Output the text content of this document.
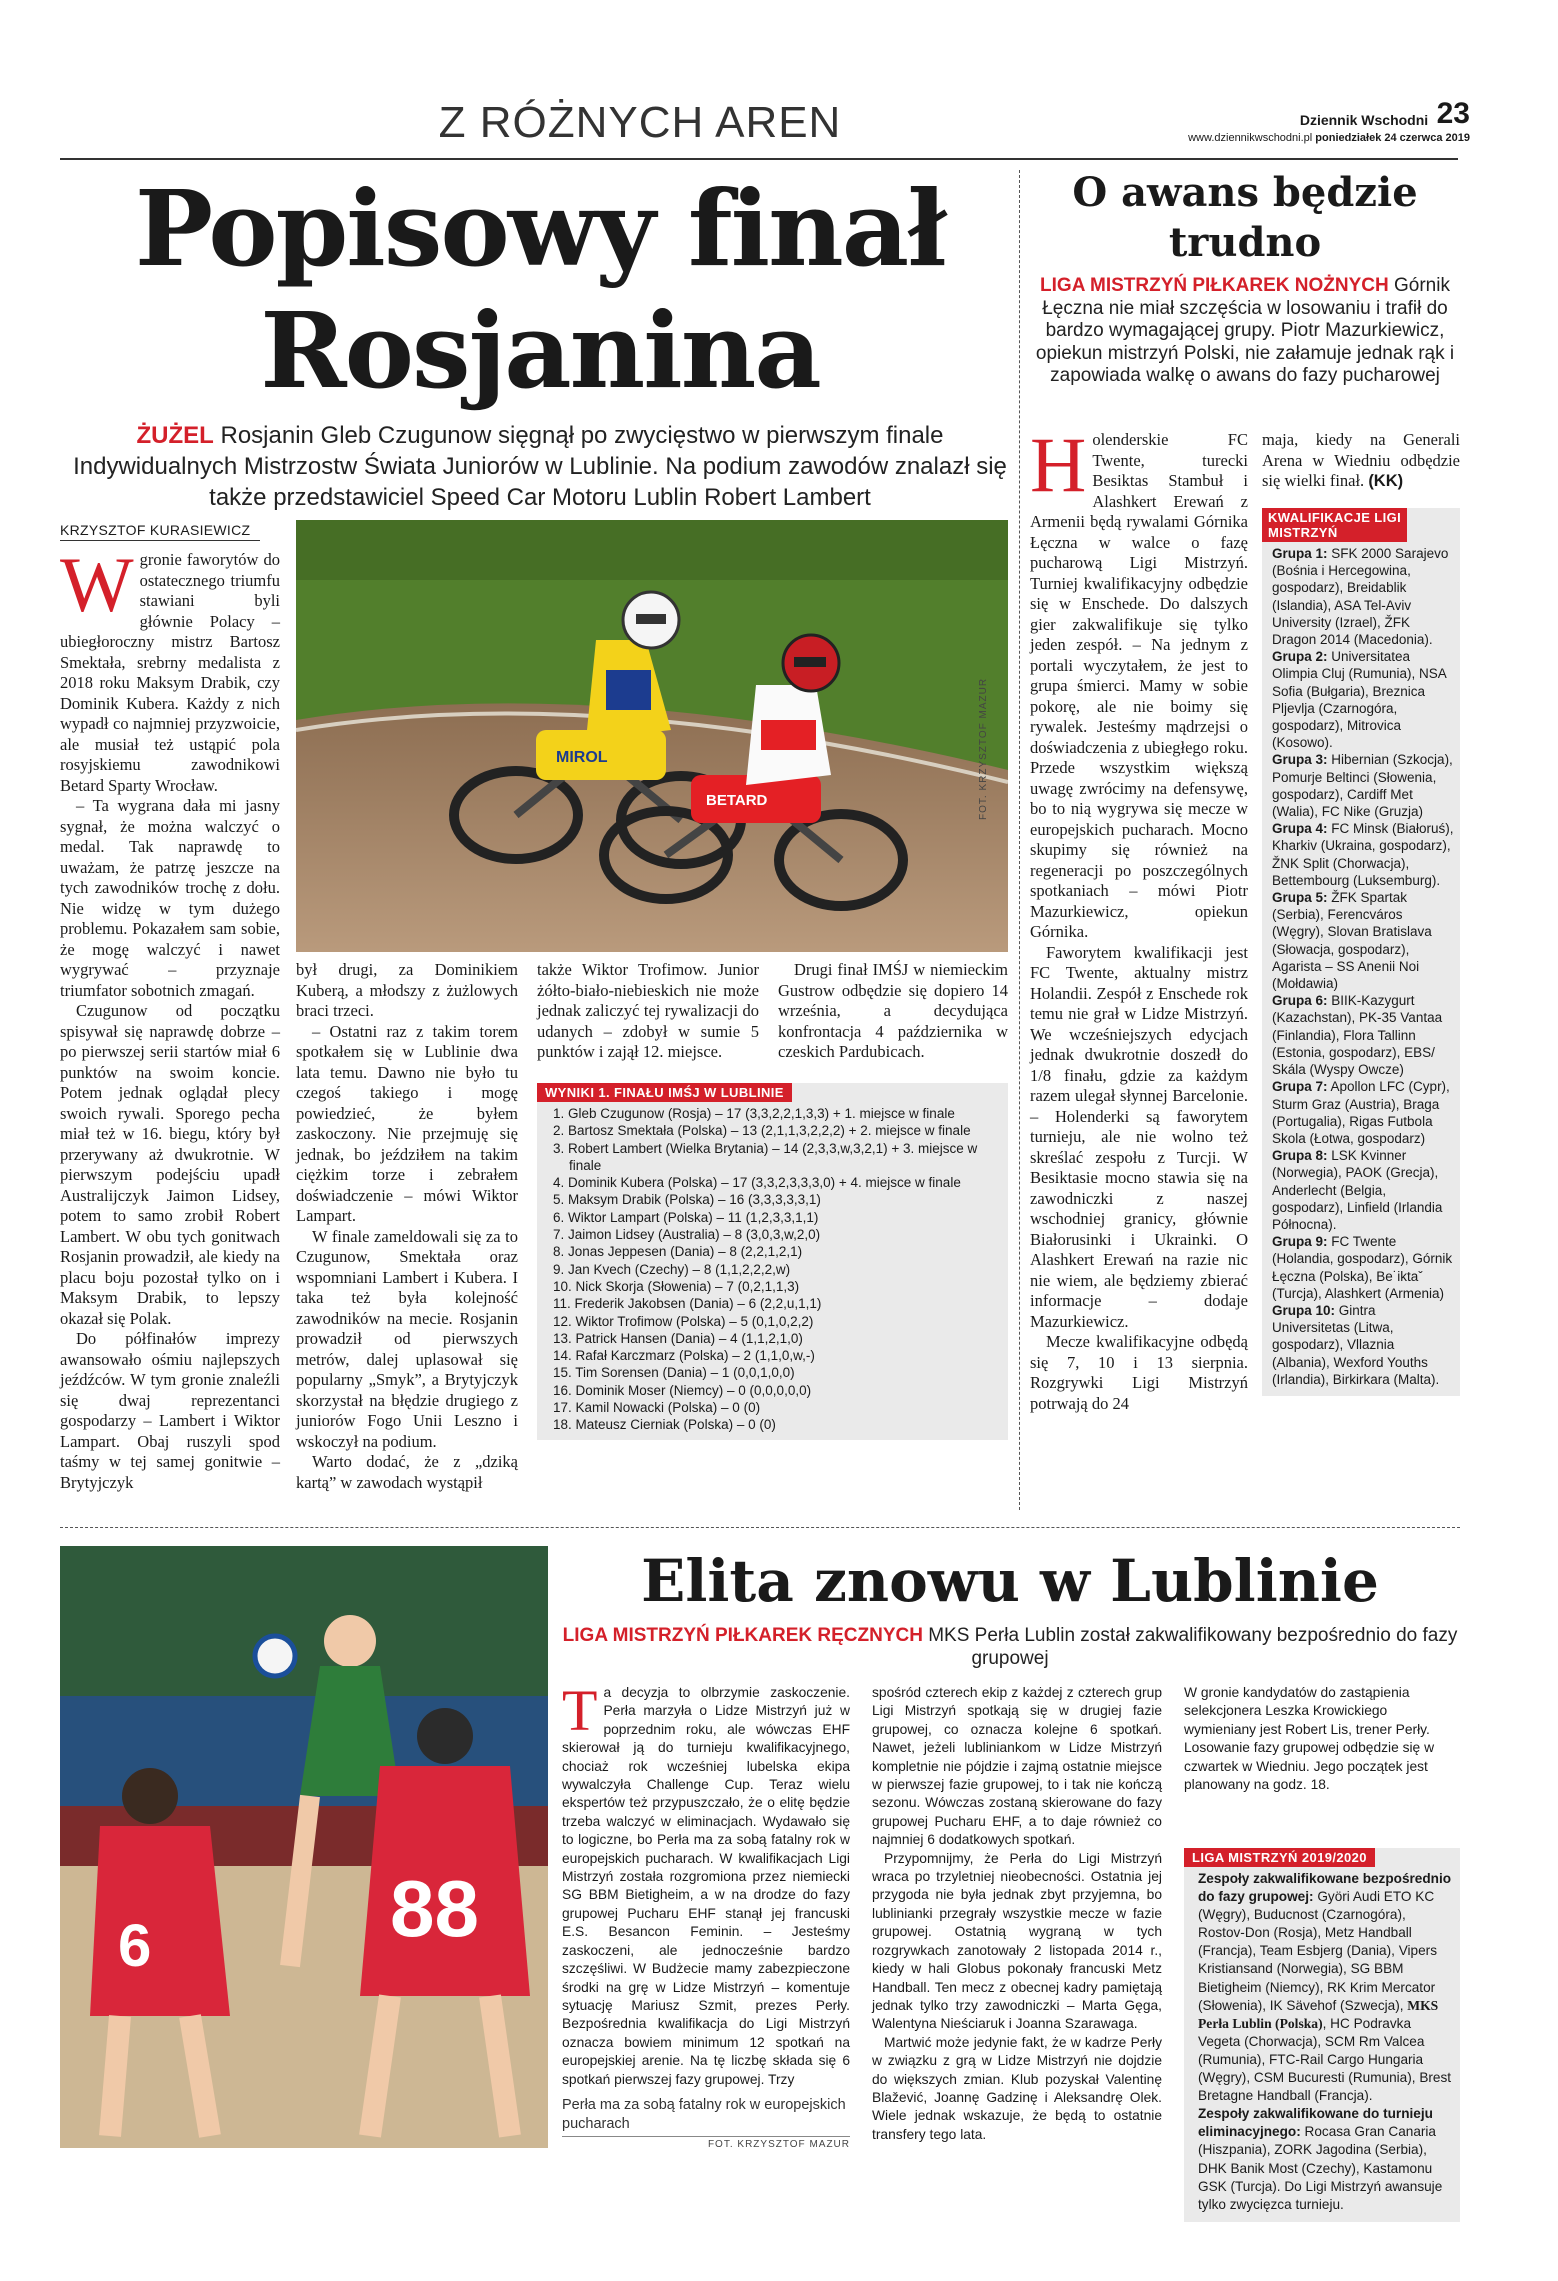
Z RÓŻNYCH AREN	Dziennik Wschodni 23
www.dziennikwschodni.pl poniedziałek 24 czerwca 2019
Popisowy finał
Rosjanina
ŻUŻEL Rosjanin Gleb Czugunow sięgnął po zwycięstwo w pierwszym finale Indywidualnych Mistrzostw Świata Juniorów w Lublinie. Na podium zawodów znalazł się także przedstawiciel Speed Car Motoru Lublin Robert Lambert
KRZYSZTOF KURASIEWICZ

Wgronie faworytów do ostatecznego triumfu stawiani byli głównie Polacy – ubiegłoroczny mistrz Bartosz Smektała, srebrny medalista z 2018 roku Maksym Drabik, czy Dominik Kubera. Każdy z nich wypadł co najmniej przyzwoicie, ale musiał też ustąpić pola rosyjskiemu zawodnikowi Betard Sparty Wrocław.

– Ta wygrana dała mi jasny sygnał, że można walczyć o medal. Tak naprawdę to uważam, że patrzę jeszcze na tych zawodników trochę z dołu. Nie widzę w tym dużego problemu. Pokazałem sam sobie, że mogę walczyć i nawet wygrywać – przyznaje triumfator sobotnich zmagań.

Czugunow od początku spisywał się naprawdę dobrze – po pierwszej serii startów miał 6 punktów na swoim koncie. Potem jednak oglądał plecy swoich rywali. Sporego pecha miał też w 16. biegu, który był przerywany aż dwukrotnie. W pierwszym podejściu upadł Australijczyk Jaimon Lidsey, potem to samo zrobił Robert Lambert. W obu tych gonitwach Rosjanin prowadził, ale kiedy na placu boju pozostał tylko on i Maksym Drabik, to lepszy okazał się Polak.

Do półfinałów imprezy awansowało ośmiu najlepszych jeźdźców. W tym gronie znaleźli się dwaj reprezentanci gospodarzy – Lambert i Wiktor Lampart. Obaj ruszyli spod taśmy w tej samej gonitwie – Brytyjczyk

MIROL
BETARD	FOT. KRZYSZTOF MAZUR

był drugi, za Dominikiem Kuberą, a młodszy z żużlowych braci trzeci.

– Ostatni raz z takim torem spotkałem się w Lublinie dwa lata temu. Dawno nie było tu czegoś takiego i mogę powiedzieć, że byłem zaskoczony. Nie przejmuję się jednak, bo jeździłem na takim ciężkim torze i zebrałem doświadczenie – mówi Wiktor Lampart.

W finale zameldowali się za to Czugunow, Smektała oraz wspomniani Lambert i Kubera. I taka też była kolejność zawodników na mecie. Rosjanin prowadził od pierwszych metrów, dalej uplasował się popularny „Smyk”, a Brytyjczyk skorzystał na błędzie drugiego z juniorów Fogo Unii Leszno i wskoczył na podium.

Warto dodać, że z „dziką kartą” w zawodach wystąpił

także Wiktor Trofimow. Junior żółto-biało-niebieskich nie może jednak zaliczyć tej rywalizacji do udanych – zdobył w sumie 5 punktów i zajął 12. miejsce.

Drugi finał IMŚJ w niemieckim Gustrow odbędzie się dopiero 14 września, a decydująca konfrontacja 4 października w czeskich Pardubicach.

WYNIKI 1. FINAŁU IMŚJ W LUBLINIE
1. Gleb Czugunow (Rosja) – 17 (3,3,2,2,1,3,3) + 1. miejsce w finale
2. Bartosz Smektała (Polska) – 13 (2,1,1,3,2,2,2) + 2. miejsce w finale
3. Robert Lambert (Wielka Brytania) – 14 (2,3,3,w,3,2,1) + 3. miejsce w finale
4. Dominik Kubera (Polska) – 17 (3,3,2,3,3,3,0) + 4. miejsce w finale
5. Maksym Drabik (Polska) – 16 (3,3,3,3,3,1)
6. Wiktor Lampart (Polska) – 11 (1,2,3,3,1,1)
7. Jaimon Lidsey (Australia) – 8 (3,0,3,w,2,0)
8. Jonas Jeppesen (Dania) – 8 (2,2,1,2,1)
9. Jan Kvech (Czechy) – 8 (1,1,2,2,2,w)
10. Nick Skorja (Słowenia) – 7 (0,2,1,1,3)
11. Frederik Jakobsen (Dania) – 6 (2,2,u,1,1)
12. Wiktor Trofimow (Polska) – 5 (0,1,0,2,2)
13. Patrick Hansen (Dania) – 4 (1,1,2,1,0)
14. Rafał Karczmarz (Polska) – 2 (1,1,0,w,-)
15. Tim Sorensen (Dania) – 1 (0,0,1,0,0)
16. Dominik Moser (Niemcy) – 0 (0,0,0,0,0)
17. Kamil Nowacki (Polska) – 0 (0)
18. Mateusz Cierniak (Polska) – 0 (0)
O awans będzie
trudno
LIGA MISTRZYŃ PIŁKAREK NOŻNYCH Górnik Łęczna nie miał szczęścia w losowaniu i trafił do bardzo wymagającej grupy. Piotr Mazurkiewicz, opiekun mistrzyń Polski, nie załamuje jednak rąk i zapowiada walkę o awans do fazy pucharowej

Holenderskie FC Twente, turecki Besiktas Stambuł i Alashkert Erewań z Armenii będą rywalami Górnika Łęczna w walce o fazę pucharową Ligi Mistrzyń. Turniej kwalifikacyjny odbędzie się w Enschede. Do dalszych gier zakwalifikuje się tylko jeden zespół. – Na jednym z portali wyczytałem, że jest to grupa śmierci. Mamy w sobie pokorę, ale nie boimy się rywalek. Jesteśmy mądrzejsi o doświadczenia z ubiegłego roku. Przede wszystkim większą uwagę zwrócimy na defensywę, bo to nią wygrywa się mecze w europejskich pucharach. Mocno skupimy się również na regeneracji po poszczególnych spotkaniach – mówi Piotr Mazurkiewicz, opiekun Górnika.

Faworytem kwalifikacji jest FC Twente, aktualny mistrz Holandii. Zespół z Enschede rok temu nie grał w Lidze Mistrzyń. We wcześniejszych edycjach jednak dwukrotnie doszedł do 1/8 finału, gdzie za każdym razem ulegał słynnej Barcelonie. – Holenderki są faworytem turnieju, ale nie wolno też skreślać zespołu z Turcji. W Besiktasie mocno stawia się na zawodniczki z naszej wschodniej granicy, głównie Białorusinki i Ukrainki. O Alashkert Erewań na razie nic nie wiem, ale będziemy zbierać informacje – dodaje Mazurkiewicz.

Mecze kwalifikacyjne odbędą się 7, 10 i 13 sierpnia. Rozgrywki Ligi Mistrzyń potrwają do 24

maja, kiedy na Generali Arena w Wiedniu odbędzie się wielki finał. (KK)

KWALIFIKACJE LIGI
MISTRZYŃ
Grupa 1: SFK 2000 Sarajevo (Bośnia i Hercegowina, gospodarz), Breidablik (Islandia), ASA Tel-Aviv University (Izrael), ŽFK Dragon 2014 (Macedonia).
Grupa 2: Universitatea Olimpia Cluj (Rumunia), NSA Sofia (Bułgaria), Breznica Pljevlja (Czarnogóra, gospodarz), Mitrovica (Kosowo).
Grupa 3: Hibernian (Szkocja), Pomurje Beltinci (Słowenia, gospodarz), Cardiff Met (Walia), FC Nike (Gruzja)
Grupa 4: FC Minsk (Białoruś), Kharkiv (Ukraina, gospodarz), ŽNK Split (Chorwacja), Bettembourg (Luksemburg).
Grupa 5: ŽFK Spartak (Serbia), Ferencváros (Węgry), Slovan Bratislava (Słowacja, gospodarz), Agarista – SS Anenii Noi (Mołdawia)
Grupa 6: BIIK-Kazygurt (Kazachstan), PK-35 Vantaa (Finlandia), Flora Tallinn (Estonia, gospodarz), EBS/ Skála (Wyspy Owcze)
Grupa 7: Apollon LFC (Cypr), Sturm Graz (Austria), Braga (Portugalia), Rigas Futbola Skola (Łotwa, gospodarz)
Grupa 8: LSK Kvinner (Norwegia), PAOK (Grecja), Anderlecht (Belgia, gospodarz), Linfield (Irlandia Północna).
Grupa 9: FC Twente (Holandia, gospodarz), Górnik Łęczna (Polska), Be˙iktaˇ (Turcja), Alashkert (Armenia)
Grupa 10: Gintra Universitetas (Litwa, gospodarz), Vllaznia (Albania), Wexford Youths (Irlandia), Birkirkara (Malta).
6	88
Elita znowu w Lublinie
LIGA MISTRZYŃ PIŁKAREK RĘCZNYCH MKS Perła Lublin został zakwalifikowany bezpośrednio do fazy grupowej

Ta decyzja to olbrzymie zaskoczenie. Perła marzyła o Lidze Mistrzyń już w poprzednim roku, ale wówczas EHF skierował ją do turnieju kwalifikacyjnego, chociaż rok wcześniej lubelska ekipa wywalczyła Challenge Cup. Teraz wielu ekspertów też przypuszczało, że o elitę będzie trzeba walczyć w eliminacjach. Wydawało się to logiczne, bo Perła ma za sobą fatalny rok w europejskich pucharach. W kwalifikacjach Ligi Mistrzyń została rozgromiona przez niemiecki SG BBM Bietigheim, a w na drodze do fazy grupowej Pucharu EHF stanął jej francuski E.S. Besancon Feminin. – Jesteśmy zaskoczeni, ale jednocześnie bardzo szczęśliwi. W Budżecie mamy zabezpieczone środki na grę w Lidze Mistrzyń – komentuje sytuację Mariusz Szmit, prezes Perły. Bezpośrednia kwalifikacja do Ligi Mistrzyń oznacza bowiem minimum 12 spotkań na europejskiej arenie. Na tę liczbę składa się 6 spotkań pierwszej fazy grupowej. Trzy

Perła ma za sobą fatalny rok w europejskich pucharach
FOT. KRZYSZTOF MAZUR

spośród czterech ekip z każdej z czterech grup Ligi Mistrzyń spotkają się w drugiej fazie grupowej, co oznacza kolejne 6 spotkań. Nawet, jeżeli lubliniankom w Lidze Mistrzyń kompletnie nie pójdzie i zajmą ostatnie miejsce w pierwszej fazie grupowej, to i tak nie kończą sezonu. Wówczas zostaną skierowane do fazy grupowej Pucharu EHF, a to daje również co najmniej 6 dodatkowych spotkań.

Przypomnijmy, że Perła do Ligi Mistrzyń wraca po trzyletniej nieobecności. Ostatnia jej przygoda nie była jednak zbyt przyjemna, bo lublinianki przegrały wszystkie mecze w fazie grupowej. Ostatnią wygraną w tych rozgrywkach zanotowały 2 listopada 2014 r., kiedy w hali Globus pokonały francuski Metz Handball. Ten mecz z obecnej kadry pamiętają jednak tylko trzy zawodniczki – Marta Gęga, Walentyna Nieściaruk i Joanna Szarawaga.

Martwić może jedynie fakt, że w kadrze Perły w związku z grą w Lidze Mistrzyń nie dojdzie do większych zmian. Klub pozyskał Valentinę Blažević, Joannę Gadzinę i Aleksandrę Olek. Wiele jednak wskazuje, że będą to ostatnie transfery tego lata.

W gronie kandydatów do zastąpienia selekcjonera Leszka Krowickiego wymieniany jest Robert Lis, trener Perły. Losowanie fazy grupowej odbędzie się w czwartek w Wiedniu. Jego początek jest planowany na godz. 18.

LIGA MISTRZYŃ 2019/2020
Zespoły zakwalifikowane bezpośrednio do fazy grupowej: Györi Audi ETO KC (Węgry), Buducnost (Czarnogóra), Rostov-Don (Rosja), Metz Handball (Francja), Team Esbjerg (Dania), Vipers Kristiansand (Norwegia), SG BBM Bietigheim (Niemcy), RK Krim Mercator (Słowenia), IK Sävehof (Szwecja), MKS Perła Lublin (Polska), HC Podravka Vegeta (Chorwacja), SCM Rm Valcea (Rumunia), FTC-Rail Cargo Hungaria (Węgry), CSM Bucuresti (Rumunia), Brest Bretagne Handball (Francja).
Zespoły zakwalifikowane do turnieju eliminacyjnego: Rocasa Gran Canaria (Hiszpania), ZORK Jagodina (Serbia), DHK Banik Most (Czechy), Kastamonu GSK (Turcja). Do Ligi Mistrzyń awansuje tylko zwycięzca turnieju.
